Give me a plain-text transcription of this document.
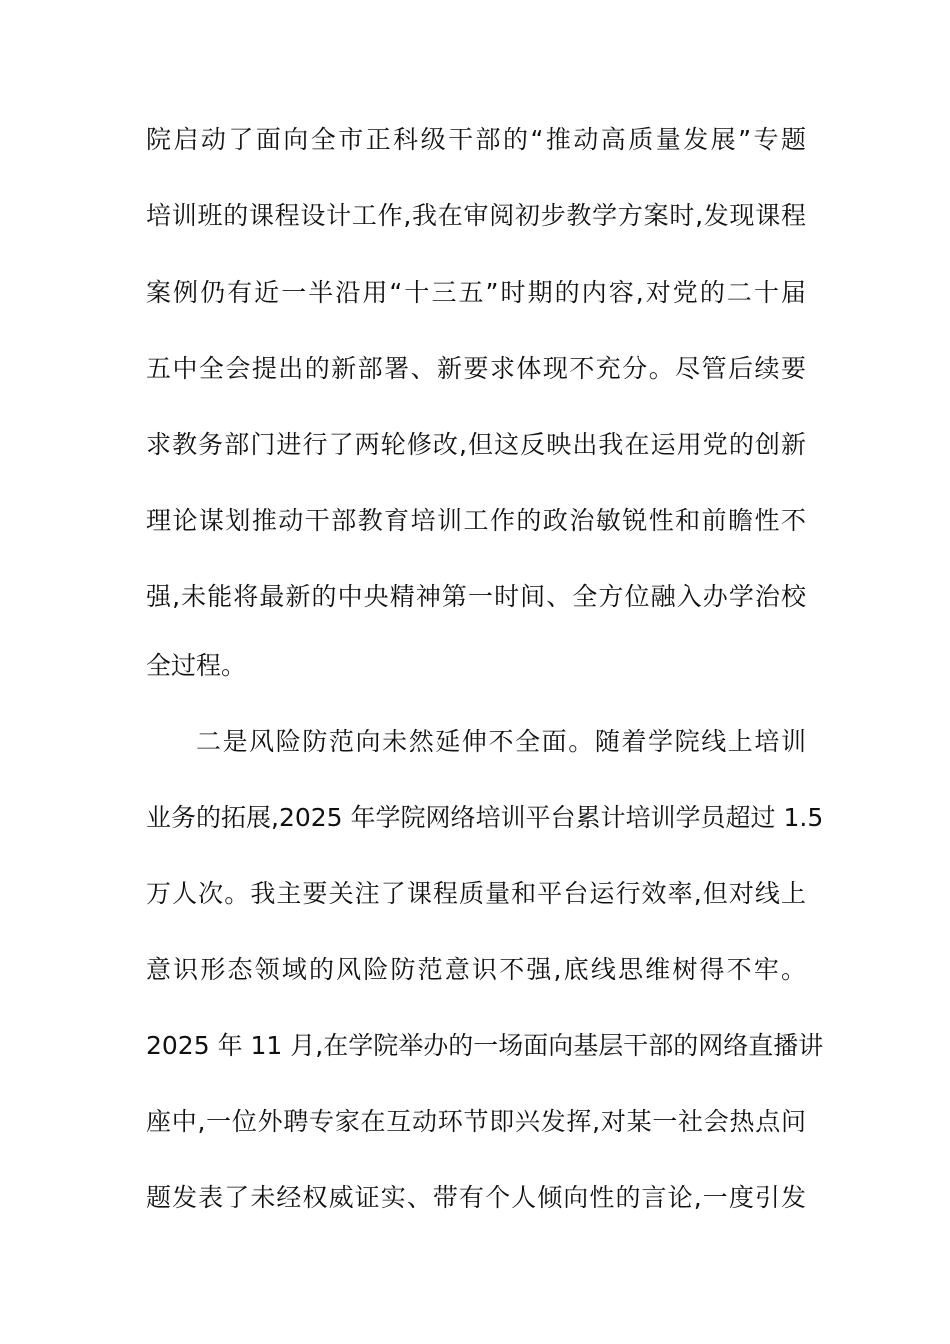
院启动了面向全市正科级干部的“推动高质量发展”专题
培训班的课程设计工作,我在审阅初步教学方案时,发现课程
案例仍有近一半沿用“十三五”时期的内容,对党的二十届
五中全会提出的新部署、新要求体现不充分。尽管后续要
求教务部门进行了两轮修改,但这反映出我在运用党的创新
理论谋划推动干部教育培训工作的政治敏锐性和前瞻性不
强,未能将最新的中央精神第一时间、全方位融入办学治校
全过程。
二是风险防范向未然延伸不全面。随着学院线上培训
业务的拓展,2025 年学院网络培训平台累计培训学员超过 1.5
万人次。我主要关注了课程质量和平台运行效率,但对线上
意识形态领域的风险防范意识不强,底线思维树得不牢。
2025 年 11 月,在学院举办的一场面向基层干部的网络直播讲
座中,一位外聘专家在互动环节即兴发挥,对某一社会热点问
题发表了未经权威证实、带有个人倾向性的言论,一度引发
